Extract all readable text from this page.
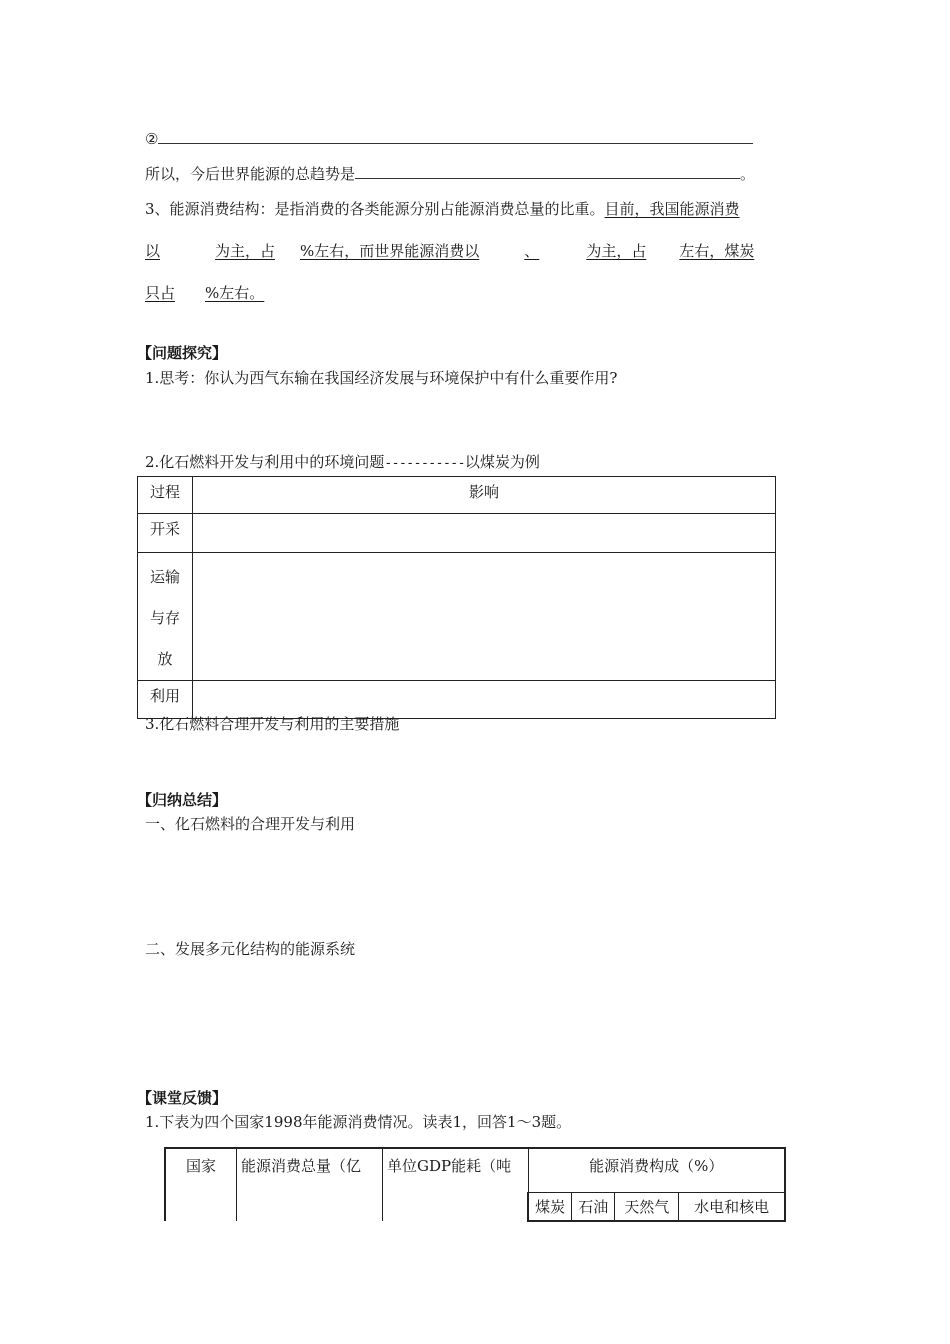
②
所以，今后世界能源的总趋势是	。
3、能源消费结构：是指消费的各类能源分别占能源消费总量的比重。目前，我国能源消费
以	为主，占 %左右，而世界能源消费以	、	为主，占 左右，煤炭
只占 %左右。
【问题探究】
1.思考：你认为西气东输在我国经济发展与环境保护中有什么重要作用?
2.化石燃料开发与利用中的环境问题-----------以煤炭为例
过程	影响
开采	

运输
与存
放	

利用	
3.化石燃料合理开发与利用的主要措施
【归纳总结】
一、化石燃料的合理开发与利用
二、发展多元化结构的能源系统
【课堂反馈】
1.下表为四个国家1998年能源消费情况。读表1，回答1～3题。
国家	能源消费总量（亿	单位GDP能耗（吨	能源消费构成（%）			
			煤炭	石油	天然气	水电和核电
